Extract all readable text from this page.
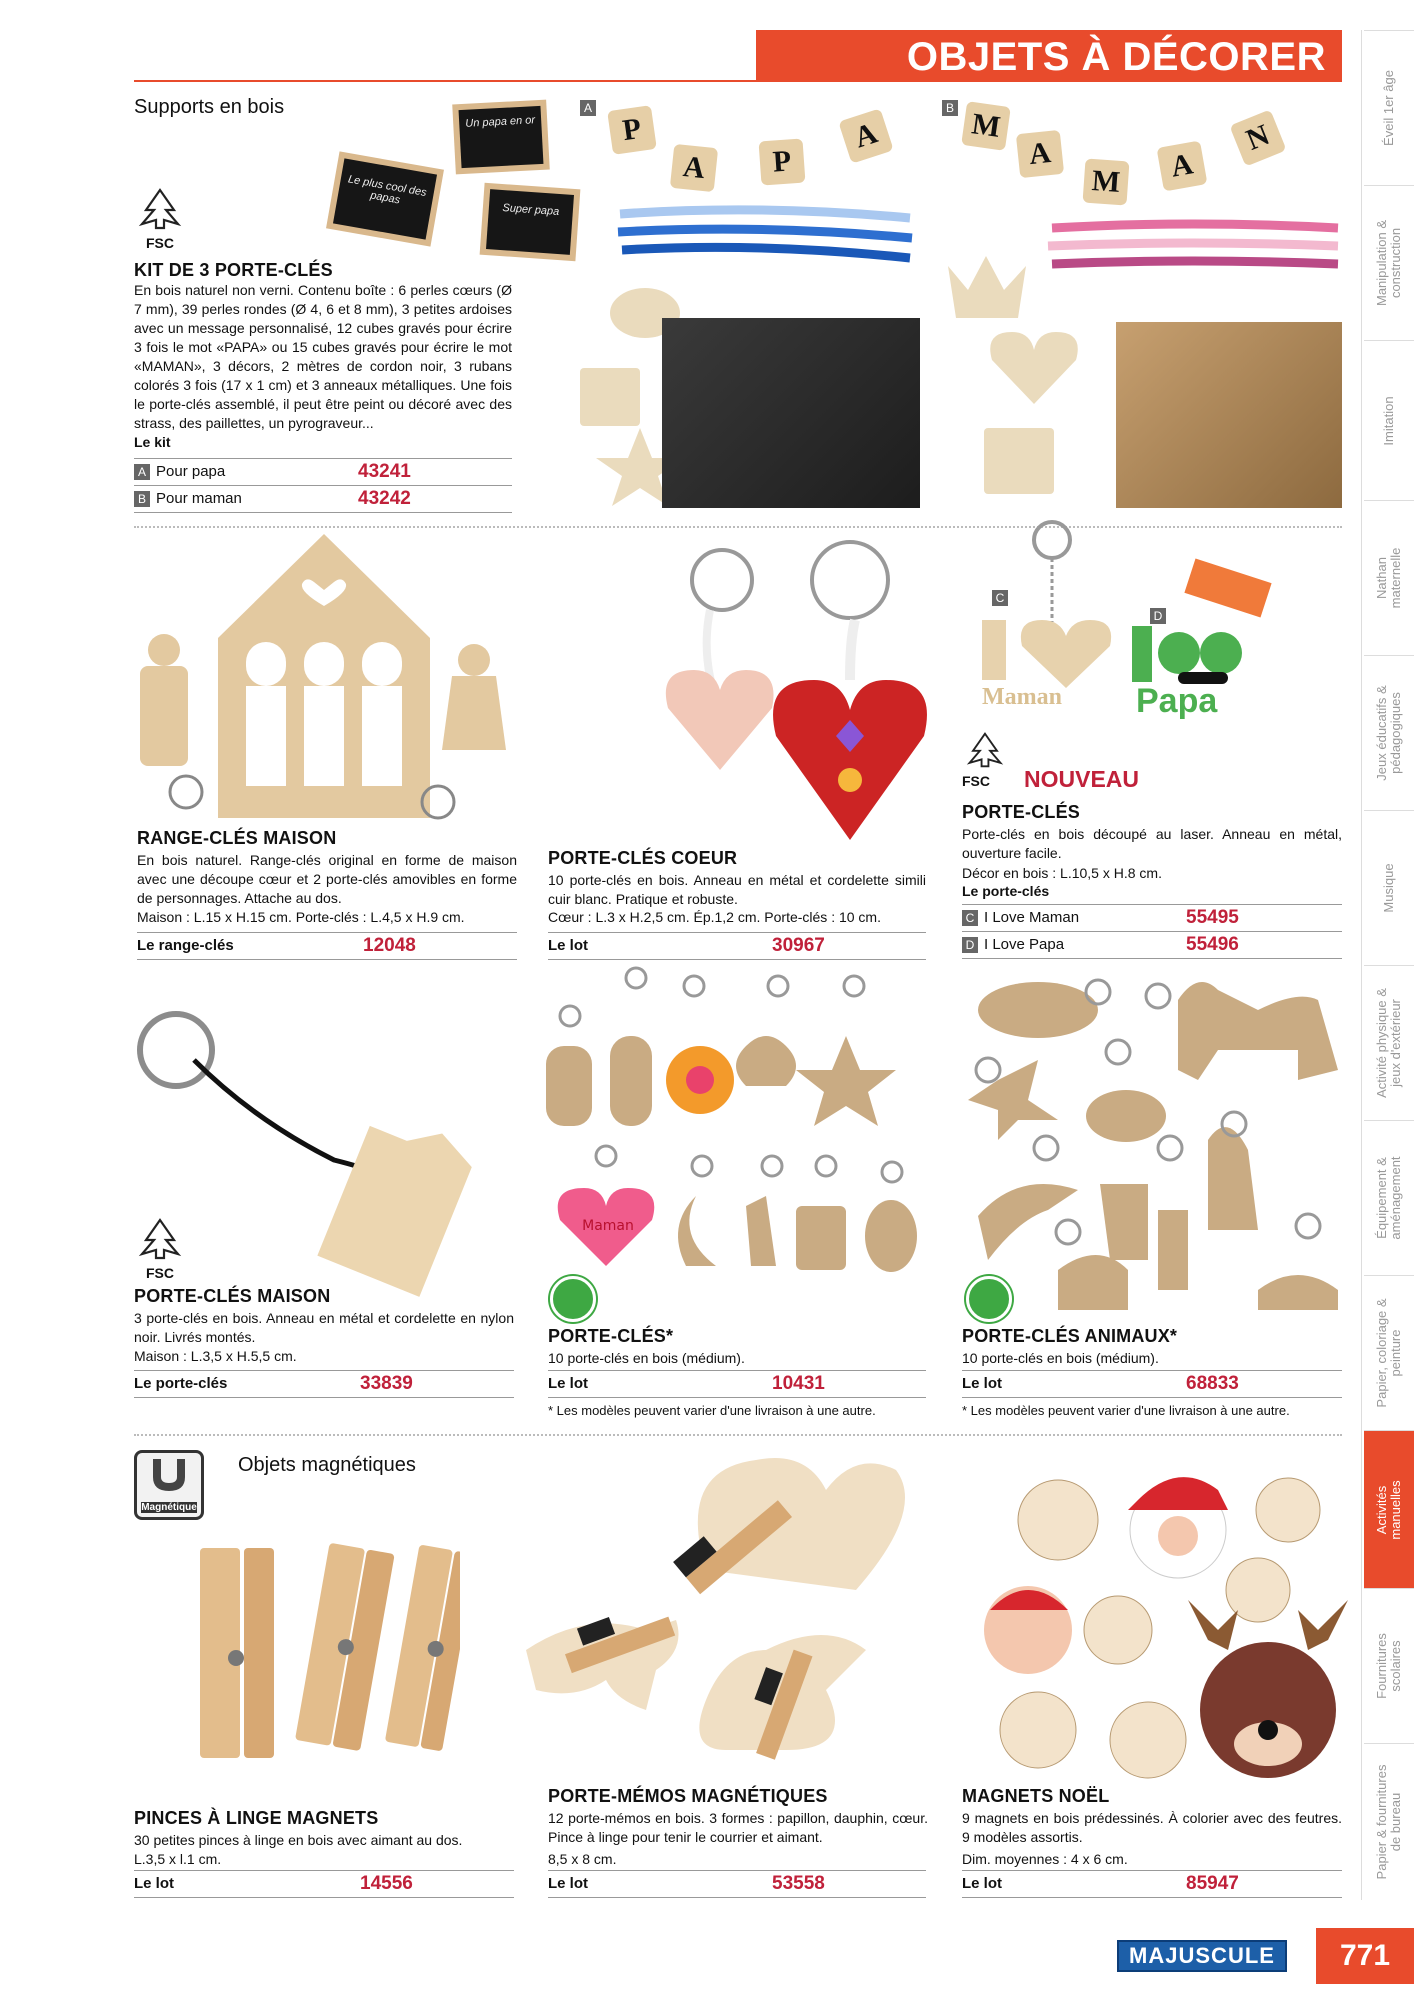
OBJETS À DÉCORER
Éveil 1er âge
Manipulation & construction
Imitation
Nathan maternelle
Jeux éducatifs & pédagogiques
Musique
Activité physique & jeux d'extérieur
Équipement & aménagement
Papier, coloriage & peinture
Activités manuelles
Fournitures scolaires
Papier & fournitures de bureau
Supports en bois
FSC
Un papa en or
Le plus cool des papas
Super papa
A
P
A	P
A
B M
A
M	A
N
KIT DE 3 PORTE-CLÉS
En bois naturel non verni. Contenu boîte : 6 perles cœurs (Ø 7 mm), 39 perles rondes (Ø 4, 6 et 8 mm), 3 petites ardoises avec un message personnalisé, 12 cubes gravés pour écrire 3 fois le mot «PAPA» ou 15 cubes gravés pour écrire le mot «MAMAN», 3 décors, 2 mètres de cordon noir, 3 rubans colorés 3 fois (17 x 1 cm) et 3 anneaux métalliques. Une fois le porte-clés assemblé, il peut être peint ou décoré avec des strass, des paillettes, un pyrograveur...
Le kit
A Pour papa	43241
B Pour maman	43242
RANGE-CLÉS MAISON
En bois naturel. Range-clés original en forme de maison avec une découpe cœur et 2 porte-clés amovibles en forme de personnages. Attache au dos.
Maison : L.15 x H.15 cm. Porte-clés : L.4,5 x H.9 cm.
Le range-clés	12048
PORTE-CLÉS COEUR
10 porte-clés en bois. Anneau en métal et cordelette simili cuir blanc. Pratique et robuste.
Cœur : L.3 x H.2,5 cm. Ép.1,2 cm. Porte-clés : 10 cm.
Le lot	30967
C
Maman
D
Papa
FSC	NOUVEAU
PORTE-CLÉS
Porte-clés en bois découpé au laser. Anneau en métal, ouverture facile.
Décor en bois : L.10,5 x H.8 cm.
Le porte-clés
C I Love Maman	55495
D I Love Papa	55496
FSC
PORTE-CLÉS MAISON
3 porte-clés en bois. Anneau en métal et cordelette en nylon noir. Livrés montés.
Maison : L.3,5 x H.5,5 cm.
Le porte-clés	33839
Maman
PORTE-CLÉS*
10 porte-clés en bois (médium).
Le lot	10431
* Les modèles peuvent varier d'une livraison à une autre.
PORTE-CLÉS ANIMAUX*
10 porte-clés en bois (médium).
Le lot	68833
* Les modèles peuvent varier d'une livraison à une autre.
Magnétique
Objets magnétiques
PINCES À LINGE MAGNETS
30 petites pinces à linge en bois avec aimant au dos.
L.3,5 x l.1 cm.
Le lot	14556
PORTE-MÉMOS MAGNÉTIQUES
12 porte-mémos en bois. 3 formes : papillon, dauphin, cœur. Pince à linge pour tenir le courrier et aimant.
8,5 x 8 cm.
Le lot	53558
MAGNETS NOËL
9 magnets en bois prédessinés. À colorier avec des feutres. 9 modèles assortis.
Dim. moyennes : 4 x 6 cm.
Le lot	85947
MAJUSCULE	771
